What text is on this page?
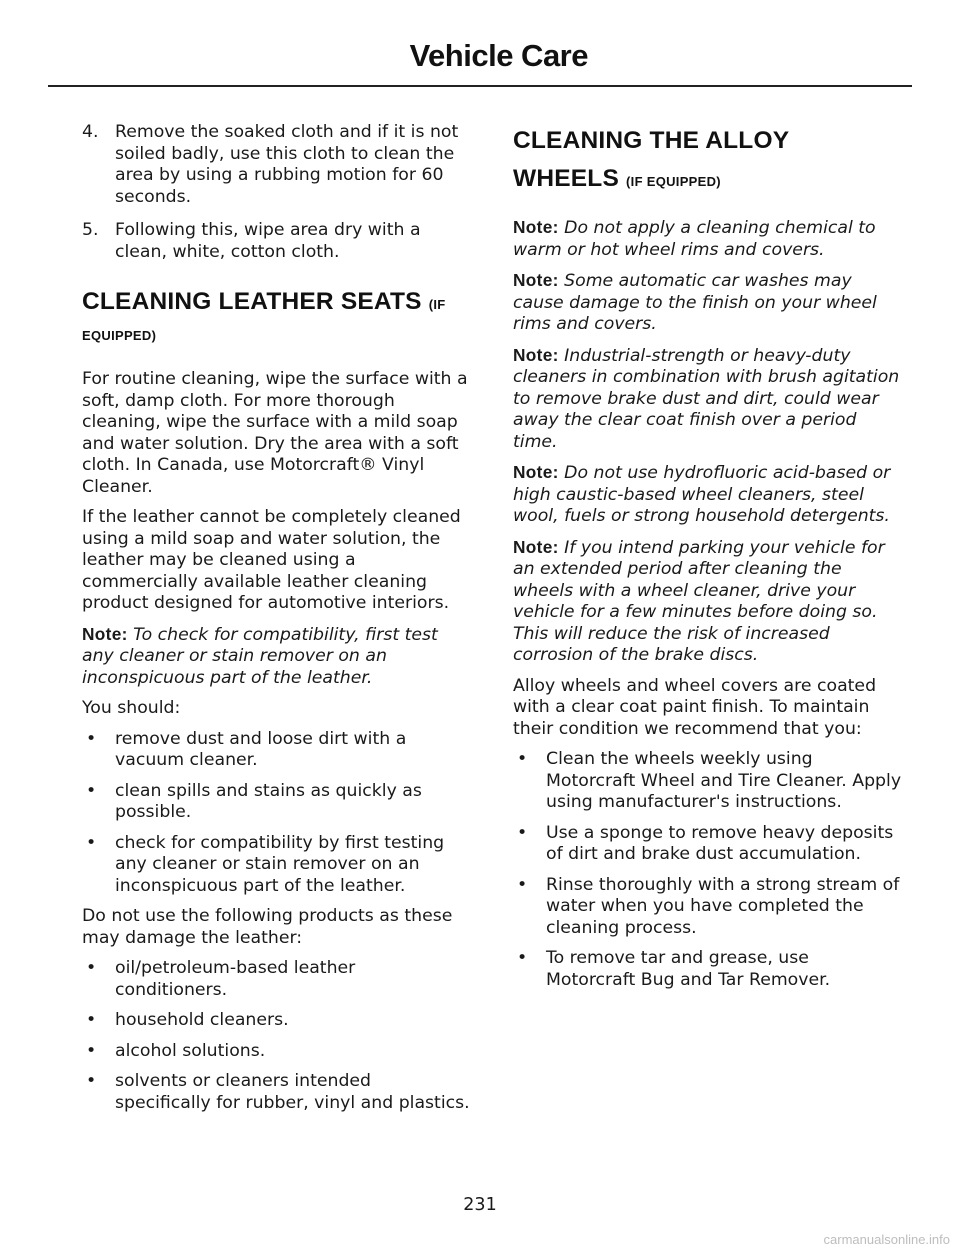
Vehicle Care
4. Remove the soaked cloth and if it is not soiled badly, use this cloth to clean the area by using a rubbing motion for 60 seconds.
5. Following this, wipe area dry with a clean, white, cotton cloth.
CLEANING LEATHER SEATS (IF
EQUIPPED)

For routine cleaning, wipe the surface with a soft, damp cloth. For more thorough cleaning, wipe the surface with a mild soap and water solution. Dry the area with a soft cloth. In Canada, use Motorcraft® Vinyl Cleaner.

If the leather cannot be completely cleaned using a mild soap and water solution, the leather may be cleaned using a commercially available leather cleaning product designed for automotive interiors.

Note: To check for compatibility, first test any cleaner or stain remover on an inconspicuous part of the leather.

You should:

• remove dust and loose dirt with a vacuum cleaner.
• clean spills and stains as quickly as possible.
• check for compatibility by first testing any cleaner or stain remover on an inconspicuous part of the leather.

Do not use the following products as these may damage the leather:

• oil/petroleum-based leather conditioners.
• household cleaners.
• alcohol solutions.
• solvents or cleaners intended specifically for rubber, vinyl and plastics.
CLEANING THE ALLOY
WHEELS (IF EQUIPPED)

Note: Do not apply a cleaning chemical to warm or hot wheel rims and covers.

Note: Some automatic car washes may cause damage to the finish on your wheel rims and covers.

Note: Industrial-strength or heavy-duty cleaners in combination with brush agitation to remove brake dust and dirt, could wear away the clear coat finish over a period time.

Note: Do not use hydrofluoric acid-based or high caustic-based wheel cleaners, steel wool, fuels or strong household detergents.

Note: If you intend parking your vehicle for an extended period after cleaning the wheels with a wheel cleaner, drive your vehicle for a few minutes before doing so. This will reduce the risk of increased corrosion of the brake discs.

Alloy wheels and wheel covers are coated with a clear coat paint finish. To maintain their condition we recommend that you:

• Clean the wheels weekly using Motorcraft Wheel and Tire Cleaner. Apply using manufacturer's instructions.
• Use a sponge to remove heavy deposits of dirt and brake dust accumulation.
• Rinse thoroughly with a strong stream of water when you have completed the cleaning process.
• To remove tar and grease, use Motorcraft Bug and Tar Remover.
231
carmanualsonline.info
